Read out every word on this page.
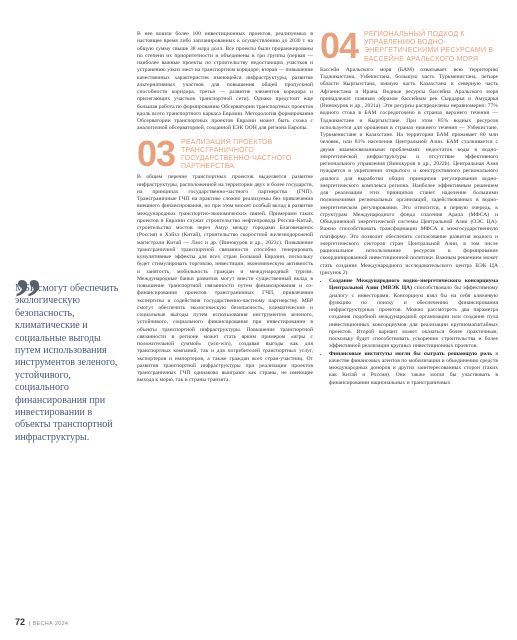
„
МБР смогут обеспечить экологическую безопасность, климатические и социальные выгоды путем использования инструментов зеленого, устойчивого, социального финансирования при инвестировании в объекты транспортной инфраструктуры.

В нее вошли более 100 инвестиционных проектов, реализуемых в настоящее время либо запланированных к осуществлению до 2030 г. на общую сумму свыше 38 млрд долл. Все проекты были проранжированы по степени их приоритетности и объединены в три группы (первая — наиболее важные проекты по строительству недостающих участков и устранению узких мест на транспортном коридоре, вторая — повышение качественных характеристик имеющейся инфраструктуры, развитие альтернативных участков для повышения общей пропускной способности коридора, третья — развитие элементов коридора и прилегающих участков транспортной сети). Однако предстоит еще большая работа по формированию Обсерватории транспортных проектов вдоль всего транспортного каркаса Евразии. Методология формирования Обсерватории транспортных проектов Евразии может быть схожа с аналогичной обсерваторией, созданной ЕЭК ООН для региона Европы.

03 РЕАЛИЗАЦИЯ ПРОЕКТОВ ТРАНСГРАНИЧНОГО ГОСУДАРСТВЕННО-ЧАСТНОГО ПАРТНЕРСТВА.

В общем перечне транспортных проектов выделяется развитие инфраструктуры, расположенной на территории двух и более государств, на принципах государственно-частного партнерства (ГЧП). Трансграничные ГЧП на практике сложно реализуемы без привлечения внешнего финансирования, но при этом вносят особый вклад в развитие международных транспортно-экономических связей. Примерами таких проектов в Евразии служат строительство нефтепровода Россия–Китай, строительство мостов через Амур между городами Благовещенск (Россия) и Хэйхэ (Китай), строительство скоростной железнодорожной магистрали Китай — Лаос и др. (Винокуров и др., 2023с). Повышение трансграничной транспортной связанности способно генерировать кумулятивные эффекты для всех стран Большой Евразии, поскольку будет стимулировать торговлю, инвестиции, экономическую активность и занятость, мобильность граждан и международный туризм. Международные банки развития могут внести существенный вклад в повышение транспортной связанности путем финансирования и со-финансирования проектов трансграничных ГЧП, привлечения экспертизы и содействия государственно-частному партнерству. МБР смогут обеспечить экологическую безопасность, климатические и социальные выгоды путем использования инструментов зеленого, устойчивого, социального финансирования при инвестировании в объекты транспортной инфраструктуры. Повышение транспортной связанности в регионе может стать ярким примером «игры с положительной суммой» (win-win), создавая выгоды как для транспортных компаний, так и для потребителей транспортных услуг, экспортеров и импортеров, а также граждан всех стран-участниц. От развития транспортной инфраструктуры при реализации проектов трансграничных ГЧП одинаково выиграют как страны, не имеющие выхода к морю, так и страны транзита.

04 РЕГИОНАЛЬНЫЙ ПОДХОД К УПРАВЛЕНИЮ ВОДНО-ЭНЕРГЕТИЧЕСКИМИ РЕСУРСАМИ В БАССЕЙНЕ АРАЛЬСКОГО МОРЯ

Бассейн Аральского моря (БАМ) охватывает всю территорию Таджикистана, Узбекистана, большую часть Туркменистана, четыре области Кыргызстана, южную часть Казахстана и северную часть Афганистана и Ирана. Водные ресурсы бассейна Аральского моря принадлежат главным образом бассейнам рек Сырдарья и Амударья (Винокуров и др., 2021а). Эти ресурсы распределены неравномерно: 77% водного стока в БАМ сосредоточено в странах верхнего течения — Таджикистане и Кыргызстане. При этом 85% водных ресурсов используется для орошения в странах нижнего течения — Узбекистане, Туркменистане и Казахстане. На территории БАМ проживает 80 млн человек, или 81% населения Центральной Азии. БАМ сталкивается с двумя взаимосвязанными проблемами: недостаток воды в водно-энергетической инфраструктуры и отсутствие эффективного регионального управления (Винокуров и др., 2022b). Центральная Азия нуждается в укреплении открытого и конструктивного регионального диалога для выработки общих принципов регулирования водно-энергетического комплекса региона. Наиболее эффективным решением для реализации этих принципов станет наделение большими полномочиями региональных организаций, задействованных в водно-энергетическом регулировании. Это относится, в первую очередь, к структурам Международного фонда спасения Арала (МФСА) и Объединенной энергетической системы Центральной Азии (ОЭС ЦА). Важно способствовать трансформации МФСА в межгосударственную платформу. Это позволит обеспечить согласование развития водного и энергетического секторов стран Центральной Азии, в том числе рациональное использование ресурсов и формирование скоординированной инвестиционной политики. Важным решением может стать создание Международного исследовательского центра ВЭК ЦА (рисунок 2).

• Создание Международного водно-энергетического консорциума Центральной Азии (МВЭК ЦА) способствовало бы эффективному диалогу с инвесторами. Консорциум взял бы на себя ключевую функцию по поиску и обеспечению финансирования инфраструктурных проектов. Можно рассмотреть два параметра создания подобной международной организации или создание пула инвестиционных консорциумов для реализации крупномасштабных проектов. Второй вариант может оказаться более практичным, поскольку будет способствовать ускорению строительства и более эффективной реализации крупных инвестиционных проектов.
• Финансовые институты могли бы сыграть решающую роль в качестве финансовых агентов по мобилизации и объединению средств международных доноров и других заинтересованных сторон (таких как Китай и Россия). Они также могли бы участвовать в финансировании национальных и трансграничных
72 | ВЕСНА 2024
